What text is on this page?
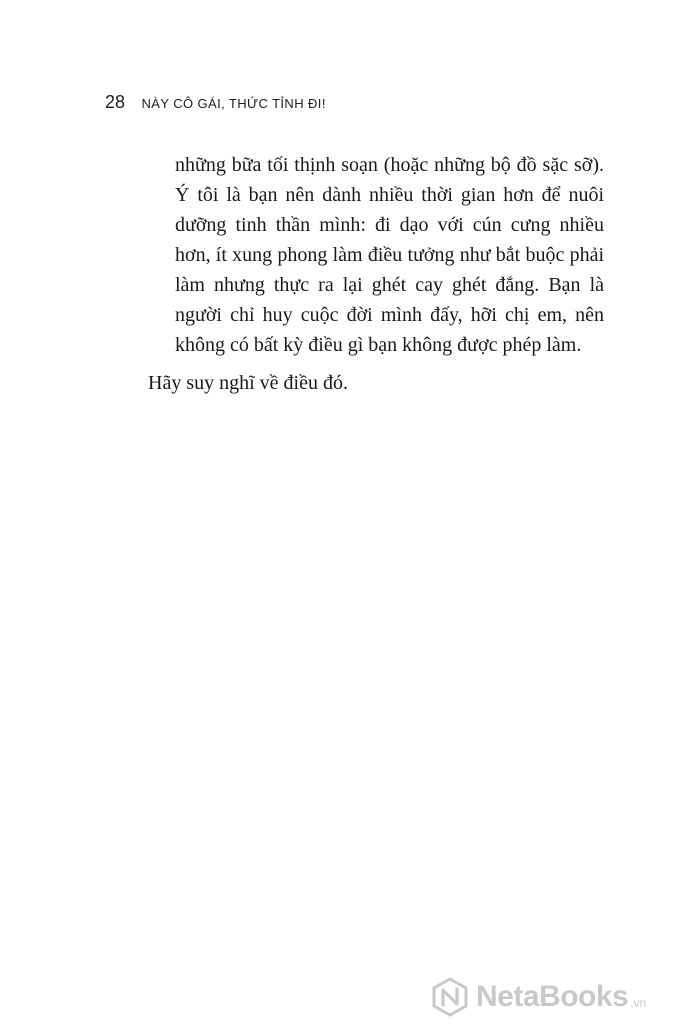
28 NÀY CÔ GÁI, THỨC TỈNH ĐI!

những bữa tối thịnh soạn (hoặc những bộ đồ sặc sỡ). Ý tôi là bạn nên dành nhiều thời gian hơn để nuôi dưỡng tinh thần mình: đi dạo với cún cưng nhiều hơn, ít xung phong làm điều tưởng như bắt buộc phải làm nhưng thực ra lại ghét cay ghét đắng. Bạn là người chỉ huy cuộc đời mình đấy, hỡi chị em, nên không có bất kỳ điều gì bạn không được phép làm.

Hãy suy nghĩ về điều đó.

NetaBooks .vn
